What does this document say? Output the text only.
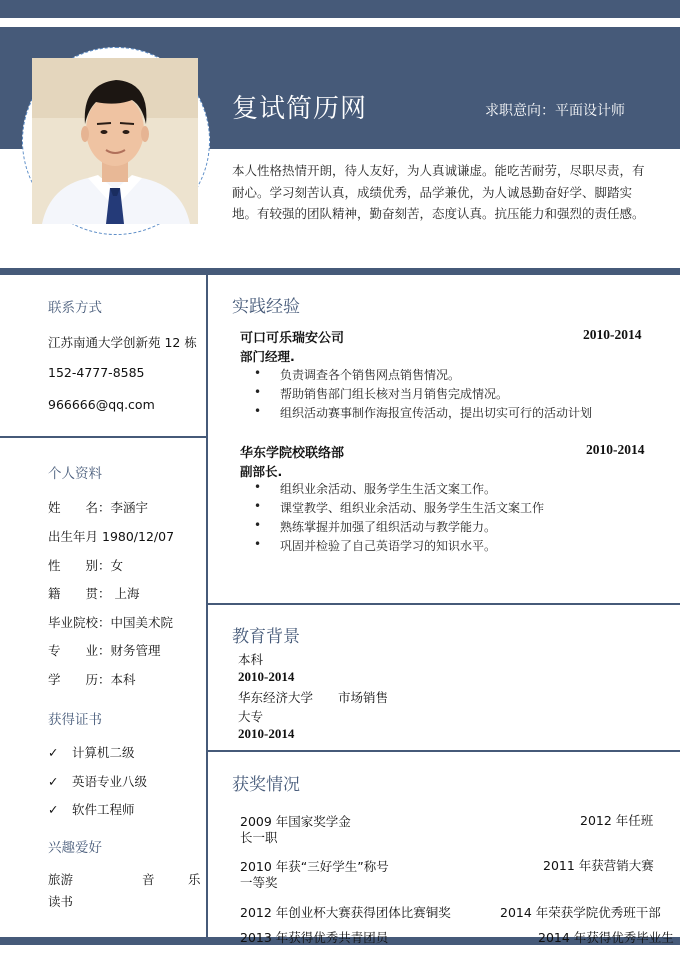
复试简历网	求职意向：平面设计师
本人性格热情开朗，待人友好，为人真诚谦虚。能吃苦耐劳，尽职尽责，有耐心。学习刻苦认真，成绩优秀，品学兼优，为人诚恳勤奋好学、脚踏实地。有较强的团队精神，勤奋刻苦，态度认真。抗压能力和强烈的责任感。
联系方式
江苏南通大学创新苑 12 栋
152-4777-8585
966666@qq.com
个人资料
姓　　名：李涵宇
出生年月 1980/12/07
性　　别：女
籍　　贯： 上海
毕业院校：中国美术院
专　　业：财务管理
学　　历：本科
获得证书
✓ 计算机二级
✓ 英语专业八级
✓ 软件工程师
兴趣爱好
旅游	音	乐
读书
实践经验
可口可乐瑞安公司	2010-2014
部门经理.
• 负责调查各个销售网点销售情况。
• 帮助销售部门组长核对当月销售完成情况。
• 组织活动赛事制作海报宣传活动，提出切实可行的活动计划
华东学院校联络部	2010-2014
副部长.
• 组织业余活动、服务学生生活文案工作。
• 课堂教学、组织业余活动、服务学生生活文案工作
• 熟练掌握并加强了组织活动与教学能力。
• 巩固并检验了自己英语学习的知识水平。
教育背景
本科
2010-2014
华东经济大学　　市场销售
大专
2010-2014
获奖情况
2009 年国家奖学金	2012 年任班长一职
2010 年获“三好学生”称号	2011 年获营销大赛一等奖
2012 年创业杯大赛获得团体比赛铜奖	2014 年荣获学院优秀班干部
2013 年获得优秀共青团员	2014 年获得优秀毕业生
